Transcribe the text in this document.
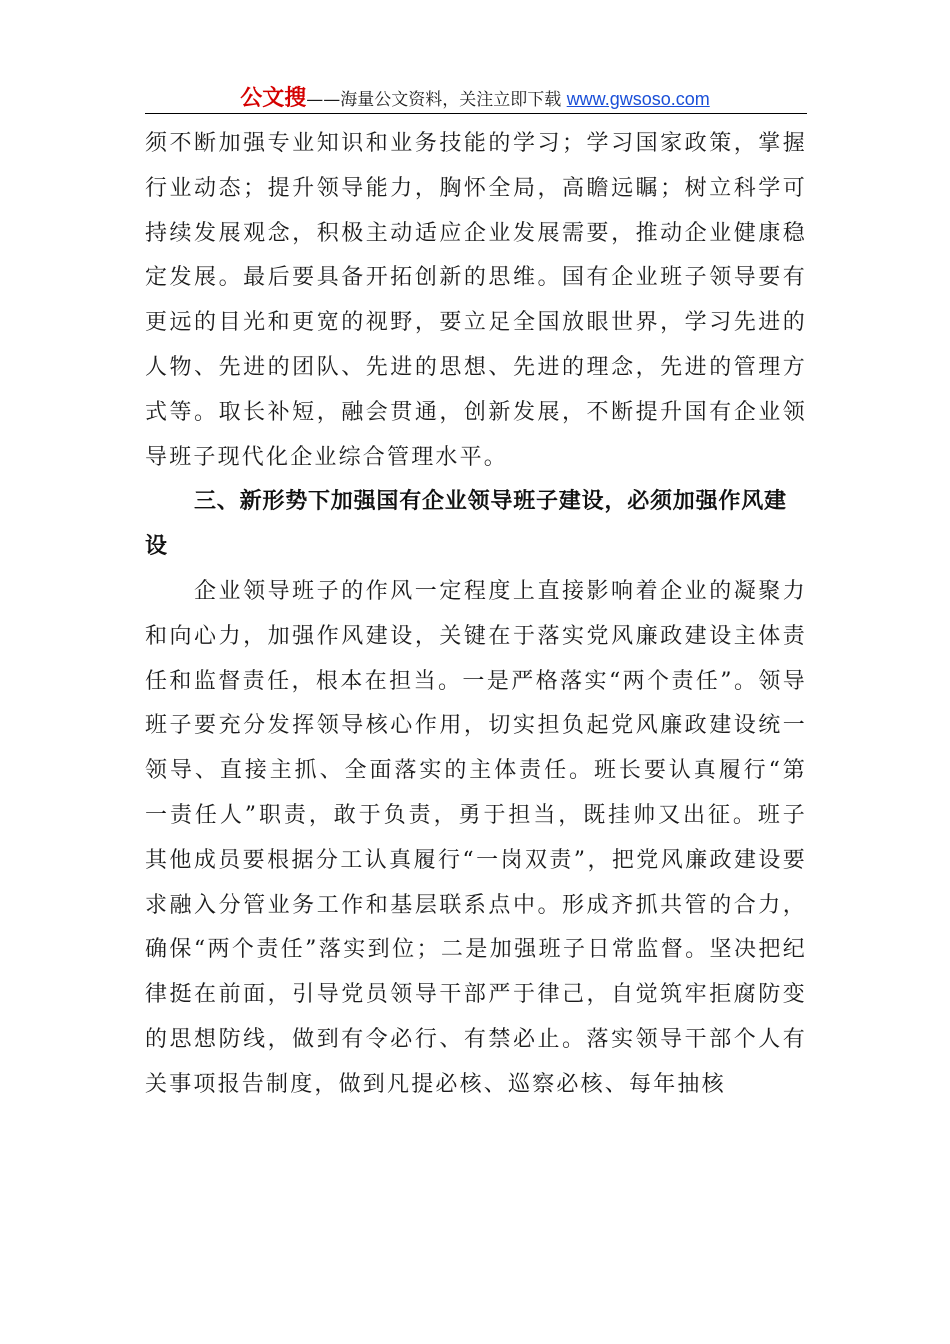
公文搜——海量公文资料，关注立即下载 www.gwsoso.com

须不断加强专业知识和业务技能的学习；学习国家政策，掌握行业动态；提升领导能力，胸怀全局，高瞻远瞩；树立科学可持续发展观念，积极主动适应企业发展需要，推动企业健康稳定发展。最后要具备开拓创新的思维。国有企业班子领导要有更远的目光和更宽的视野，要立足全国放眼世界，学习先进的人物、先进的团队、先进的思想、先进的理念，先进的管理方式等。取长补短，融会贯通，创新发展，不断提升国有企业领导班子现代化企业综合管理水平。

三、新形势下加强国有企业领导班子建设，必须加强作风建设

企业领导班子的作风一定程度上直接影响着企业的凝聚力和向心力，加强作风建设，关键在于落实党风廉政建设主体责任和监督责任，根本在担当。一是严格落实“两个责任”。领导班子要充分发挥领导核心作用，切实担负起党风廉政建设统一领导、直接主抓、全面落实的主体责任。班长要认真履行“第一责任人”职责，敢于负责，勇于担当，既挂帅又出征。班子其他成员要根据分工认真履行“一岗双责”，把党风廉政建设要求融入分管业务工作和基层联系点中。形成齐抓共管的合力，确保“两个责任”落实到位；二是加强班子日常监督。坚决把纪律挺在前面，引导党员领导干部严于律己，自觉筑牢拒腐防变的思想防线，做到有令必行、有禁必止。落实领导干部个人有关事项报告制度，做到凡提必核、巡察必核、每年抽核
